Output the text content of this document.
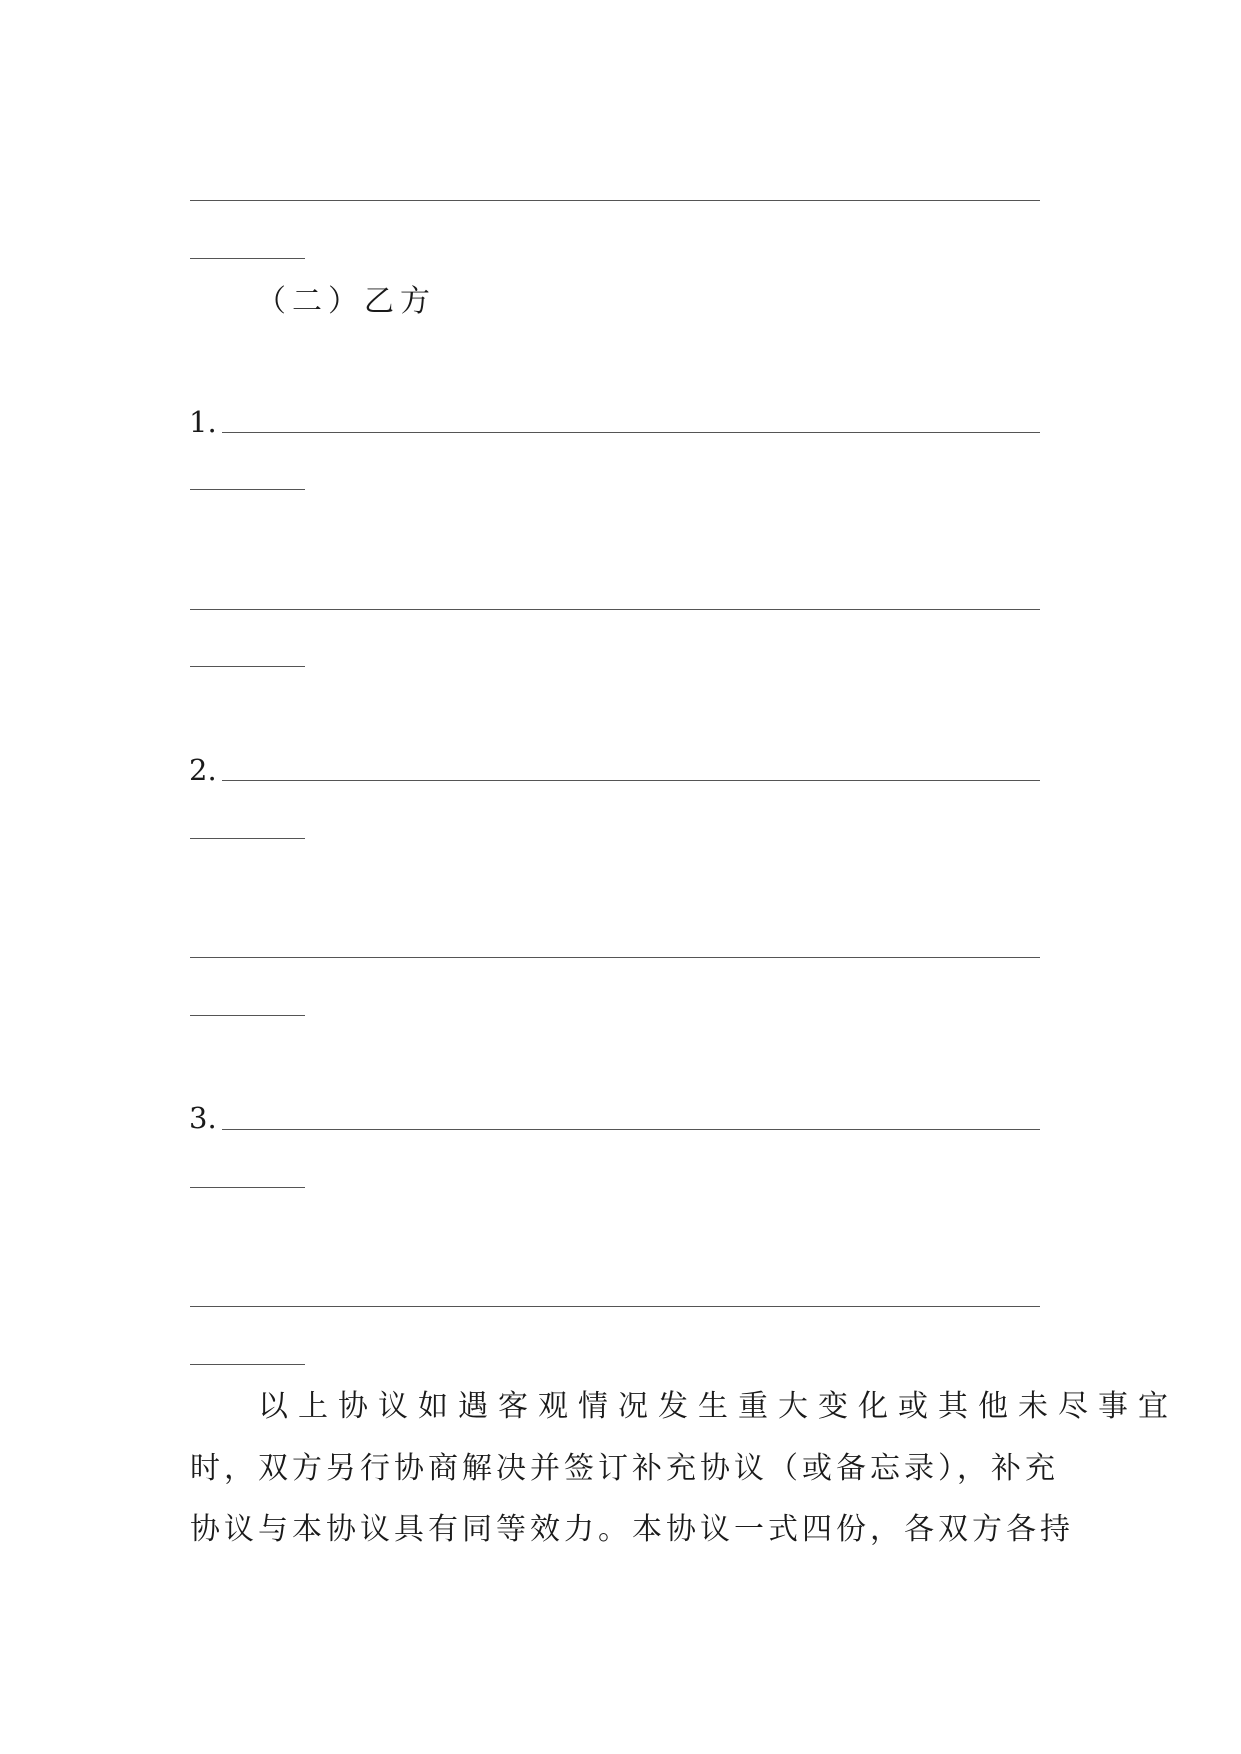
（二）乙方
1.
2.
3.
以上协议如遇客观情况发生重大变化或其他未尽事宜
时，双方另行协商解决并签订补充协议（或备忘录），补充
协议与本协议具有同等效力。本协议一式四份，各双方各持
